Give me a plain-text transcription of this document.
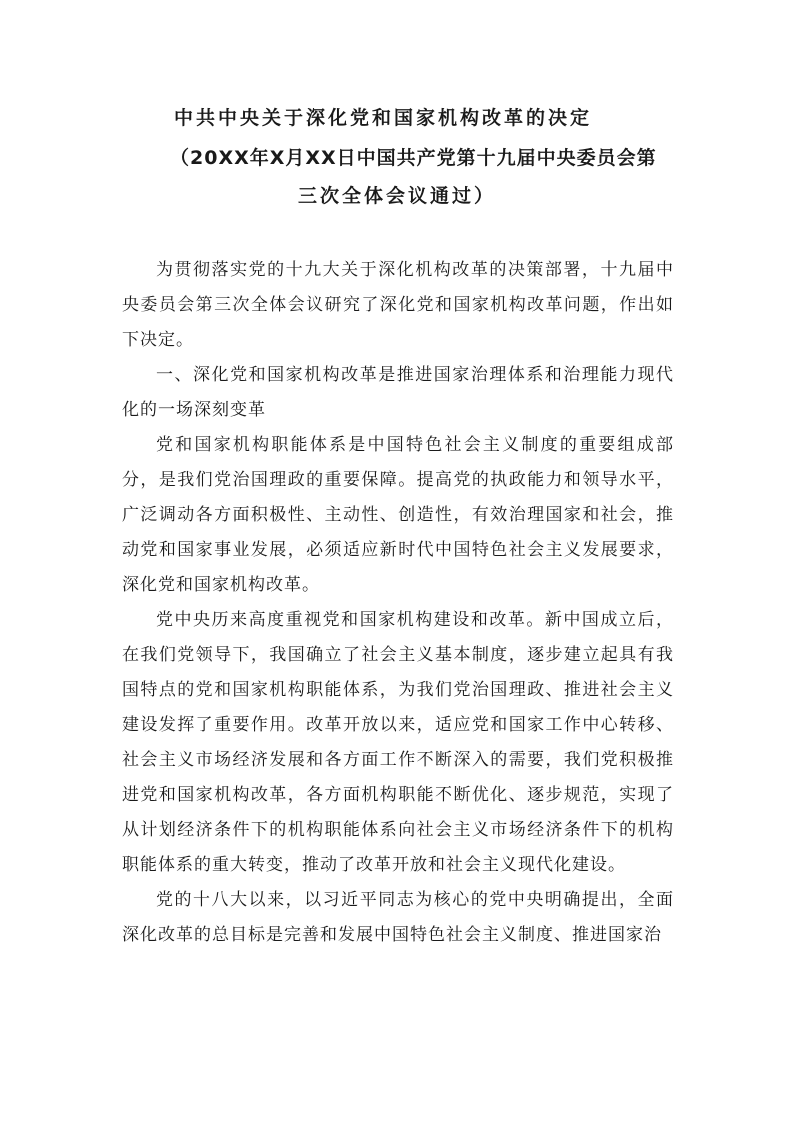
中共中央关于深化党和国家机构改革的决定
（20XX年X月XX日中国共产党第十九届中央委员会第
三次全体会议通过）

为贯彻落实党的十九大关于深化机构改革的决策部署，十九届中央委员会第三次全体会议研究了深化党和国家机构改革问题，作出如下决定。

一、深化党和国家机构改革是推进国家治理体系和治理能力现代化的一场深刻变革

党和国家机构职能体系是中国特色社会主义制度的重要组成部分，是我们党治国理政的重要保障。提高党的执政能力和领导水平，广泛调动各方面积极性、主动性、创造性，有效治理国家和社会，推动党和国家事业发展，必须适应新时代中国特色社会主义发展要求，深化党和国家机构改革。

党中央历来高度重视党和国家机构建设和改革。新中国成立后，在我们党领导下，我国确立了社会主义基本制度，逐步建立起具有我国特点的党和国家机构职能体系，为我们党治国理政、推进社会主义建设发挥了重要作用。改革开放以来，适应党和国家工作中心转移、社会主义市场经济发展和各方面工作不断深入的需要，我们党积极推进党和国家机构改革，各方面机构职能不断优化、逐步规范，实现了从计划经济条件下的机构职能体系向社会主义市场经济条件下的机构职能体系的重大转变，推动了改革开放和社会主义现代化建设。

党的十八大以来，以习近平同志为核心的党中央明确提出，全面深化改革的总目标是完善和发展中国特色社会主义制度、推进国家治
